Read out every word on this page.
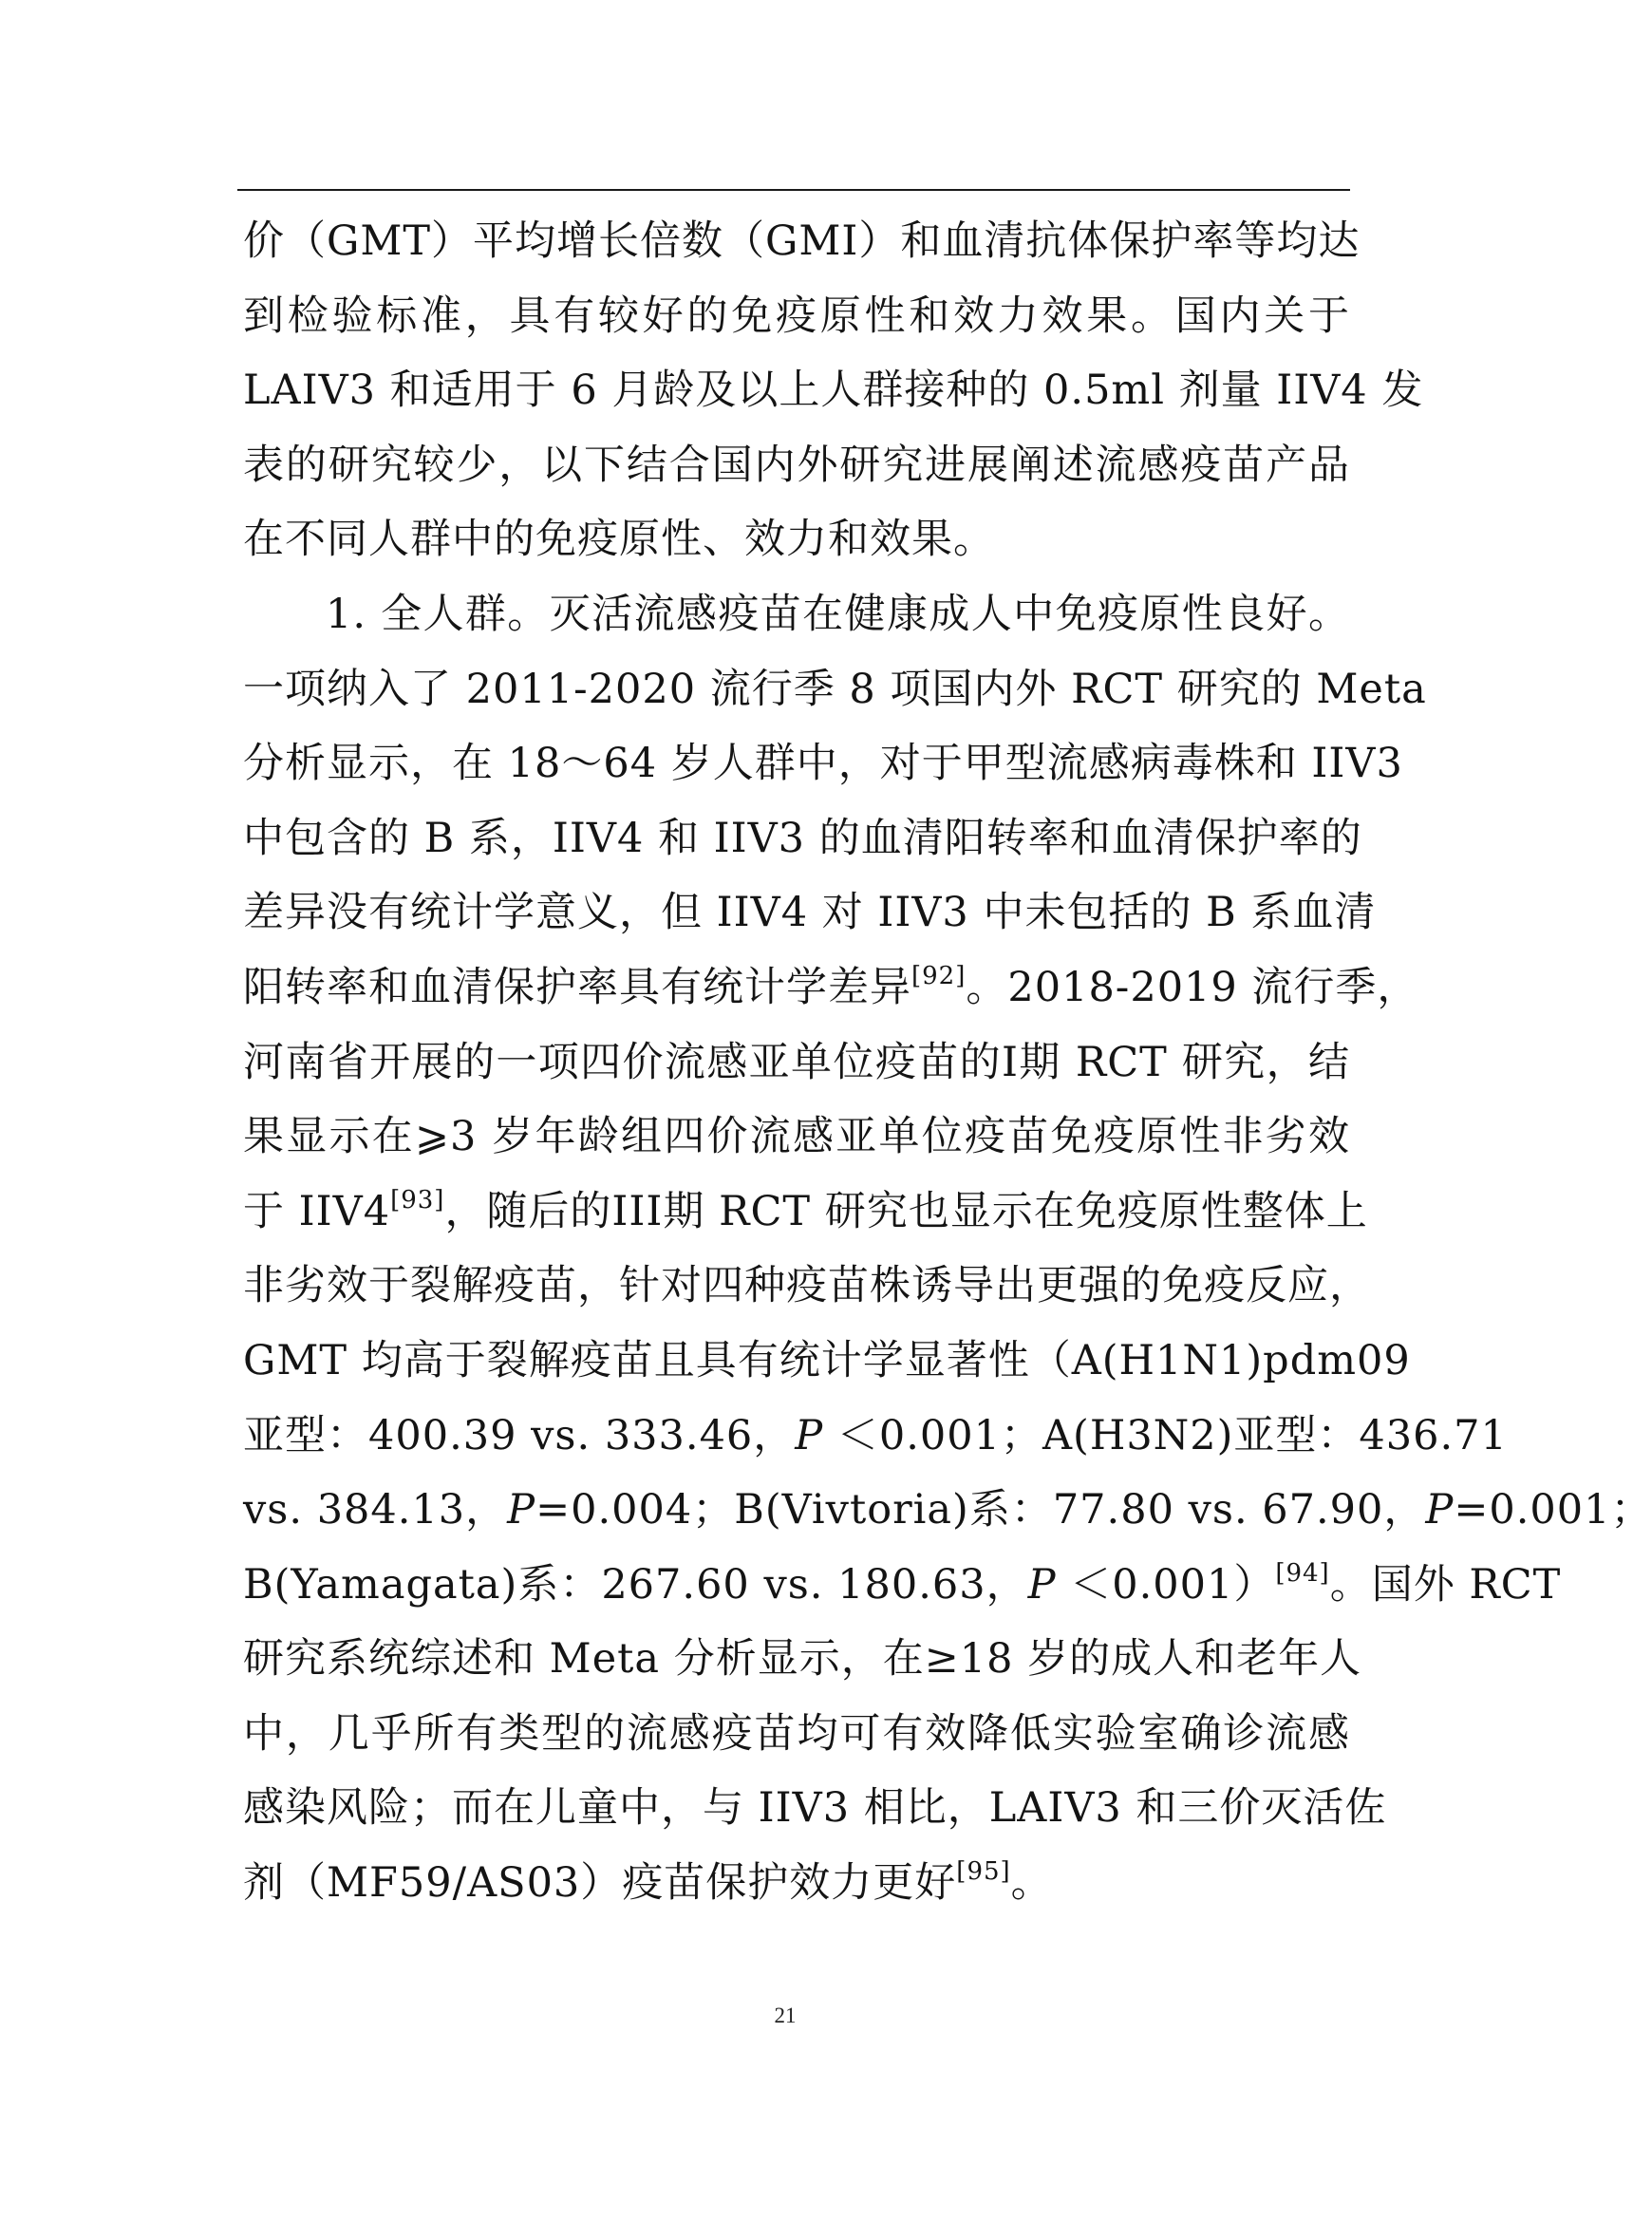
价（GMT）平均增长倍数（GMI）和血清抗体保护率等均达
到检验标准，具有较好的免疫原性和效力效果。国内关于
LAIV3 和适用于 6 月龄及以上人群接种的 0.5ml 剂量 IIV4 发
表的研究较少，以下结合国内外研究进展阐述流感疫苗产品
在不同人群中的免疫原性、效力和效果。
1. 全人群。灭活流感疫苗在健康成人中免疫原性良好。
一项纳入了 2011-2020 流行季 8 项国内外 RCT 研究的 Meta
分析显示，在 18～64 岁人群中，对于甲型流感病毒株和 IIV3
中包含的 B 系，IIV4 和 IIV3 的血清阳转率和血清保护率的
差异没有统计学意义，但 IIV4 对 IIV3 中未包括的 B 系血清
阳转率和血清保护率具有统计学差异[92]。2018-2019 流行季，
河南省开展的一项四价流感亚单位疫苗的I期 RCT 研究，结
果显示在⩾3 岁年龄组四价流感亚单位疫苗免疫原性非劣效
于 IIV4[93]，随后的III期 RCT 研究也显示在免疫原性整体上
非劣效于裂解疫苗，针对四种疫苗株诱导出更强的免疫反应，
GMT 均高于裂解疫苗且具有统计学显著性（A(H1N1)pdm09
亚型：400.39 vs. 333.46，P ＜0.001；A(H3N2)亚型：436.71
vs. 384.13，P=0.004；B(Vivtoria)系：77.80 vs. 67.90，P=0.001；
B(Yamagata)系：267.60 vs. 180.63，P ＜0.001）[94]。国外 RCT
研究系统综述和 Meta 分析显示，在≥18 岁的成人和老年人
中，几乎所有类型的流感疫苗均可有效降低实验室确诊流感
感染风险；而在儿童中，与 IIV3 相比，LAIV3 和三价灭活佐
剂（MF59/AS03）疫苗保护效力更好[95]。
21
